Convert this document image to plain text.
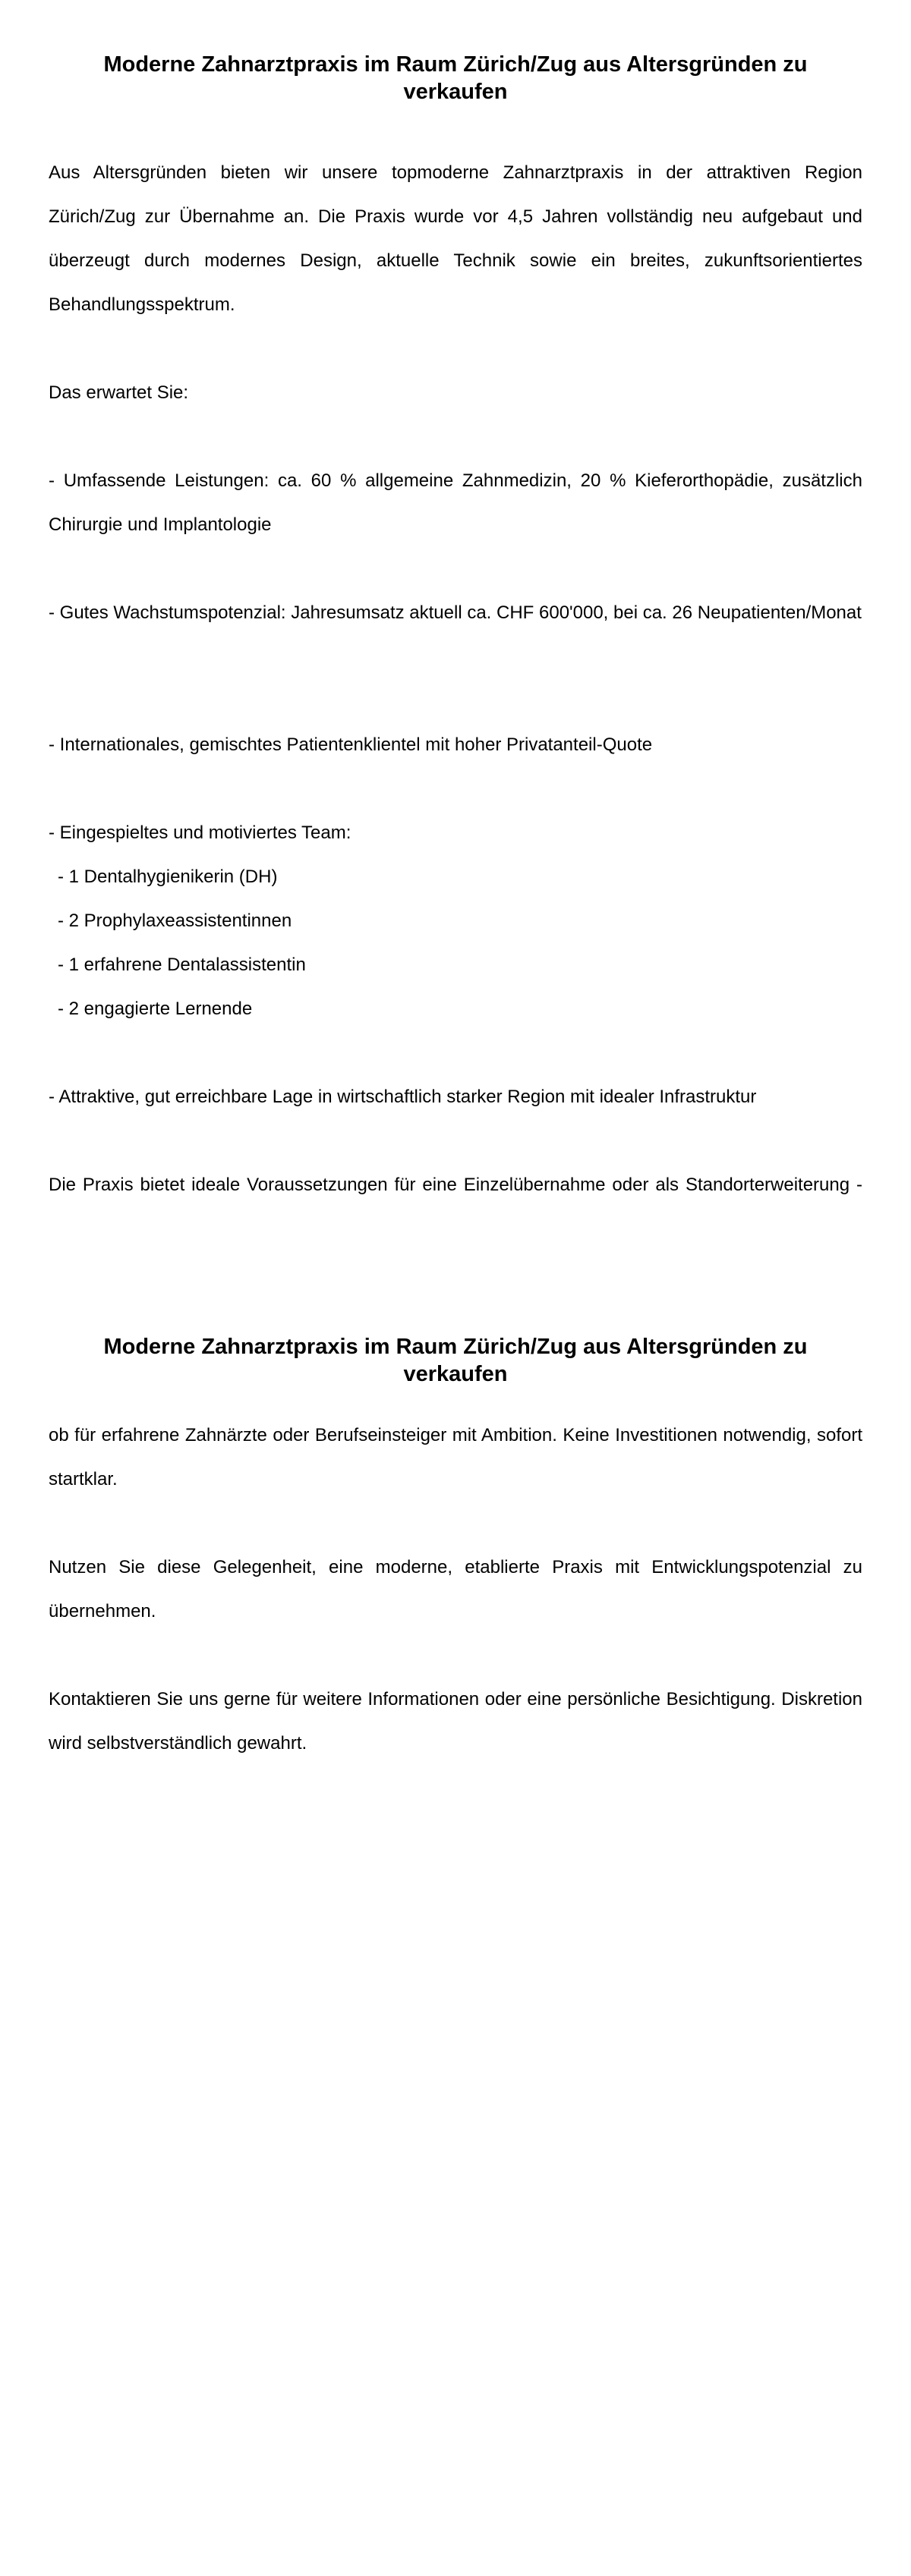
Moderne Zahnarztpraxis im Raum Zürich/Zug aus Altersgründen zu verkaufen

Aus Altersgründen bieten wir unsere topmoderne Zahnarztpraxis in der attraktiven Region Zürich/Zug zur Übernahme an. Die Praxis wurde vor 4,5 Jahren vollständig neu aufgebaut und überzeugt durch modernes Design, aktuelle Technik sowie ein breites, zukunftsorientiertes Behandlungsspektrum.

Das erwartet Sie:

- Umfassende Leistungen: ca. 60 % allgemeine Zahnmedizin, 20 % Kieferorthopädie, zusätzlich Chirurgie und Implantologie

- Gutes Wachstumspotenzial: Jahresumsatz aktuell ca. CHF 600'000, bei ca. 26 Neupatienten/Monat

- Internationales, gemischtes Patientenklientel mit hoher Privatanteil-Quote

- Eingespieltes und motiviertes Team:

- 1 Dentalhygienikerin (DH)

- 2 Prophylaxeassistentinnen

- 1 erfahrene Dentalassistentin

- 2 engagierte Lernende

- Attraktive, gut erreichbare Lage in wirtschaftlich starker Region mit idealer Infrastruktur

Die Praxis bietet ideale Voraussetzungen für eine Einzelübernahme oder als Standorterweiterung -

Moderne Zahnarztpraxis im Raum Zürich/Zug aus Altersgründen zu verkaufen

ob für erfahrene Zahnärzte oder Berufseinsteiger mit Ambition. Keine Investitionen notwendig, sofort startklar.

Nutzen Sie diese Gelegenheit, eine moderne, etablierte Praxis mit Entwicklungspotenzial zu übernehmen.

Kontaktieren Sie uns gerne für weitere Informationen oder eine persönliche Besichtigung. Diskretion wird selbstverständlich gewahrt.
